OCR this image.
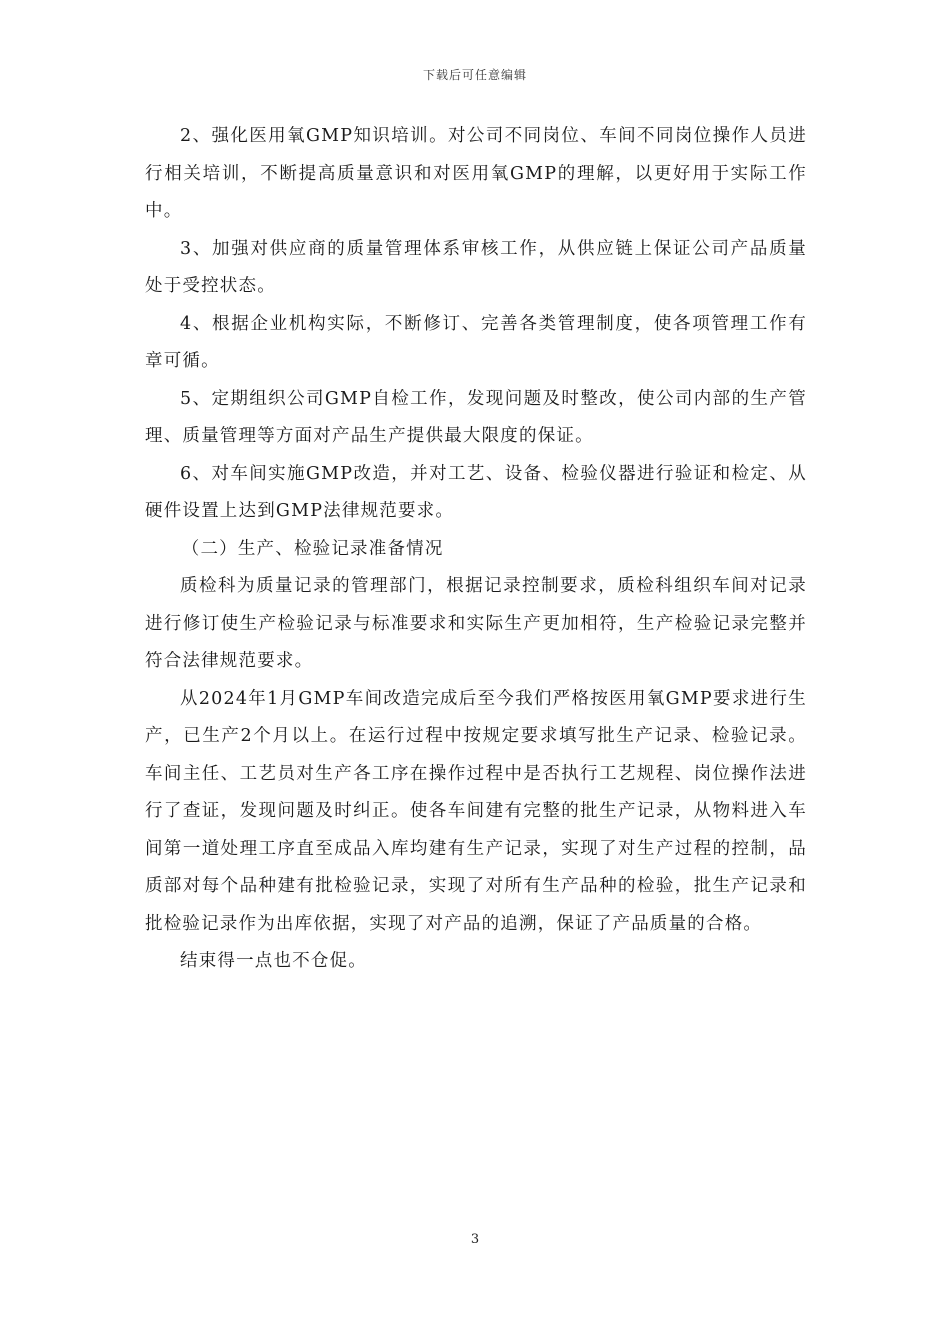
下载后可任意编辑

2、强化医用氧GMP知识培训。对公司不同岗位、车间不同岗位操作人员进行相关培训，不断提高质量意识和对医用氧GMP的理解，以更好用于实际工作中。

3、加强对供应商的质量管理体系审核工作，从供应链上保证公司产品质量处于受控状态。

4、根据企业机构实际，不断修订、完善各类管理制度，使各项管理工作有章可循。

5、定期组织公司GMP自检工作，发现问题及时整改，使公司内部的生产管理、质量管理等方面对产品生产提供最大限度的保证。

6、对车间实施GMP改造，并对工艺、设备、检验仪器进行验证和检定、从硬件设置上达到GMP法律规范要求。

（二）生产、检验记录准备情况

质检科为质量记录的管理部门，根据记录控制要求，质检科组织车间对记录进行修订使生产检验记录与标准要求和实际生产更加相符，生产检验记录完整并符合法律规范要求。

从2024年1月GMP车间改造完成后至今我们严格按医用氧GMP要求进行生产，已生产2个月以上。在运行过程中按规定要求填写批生产记录、检验记录。车间主任、工艺员对生产各工序在操作过程中是否执行工艺规程、岗位操作法进行了查证，发现问题及时纠正。使各车间建有完整的批生产记录，从物料进入车间第一道处理工序直至成品入库均建有生产记录，实现了对生产过程的控制，品质部对每个品种建有批检验记录，实现了对所有生产品种的检验，批生产记录和批检验记录作为出库依据，实现了对产品的追溯，保证了产品质量的合格。

结束得一点也不仓促。

3
